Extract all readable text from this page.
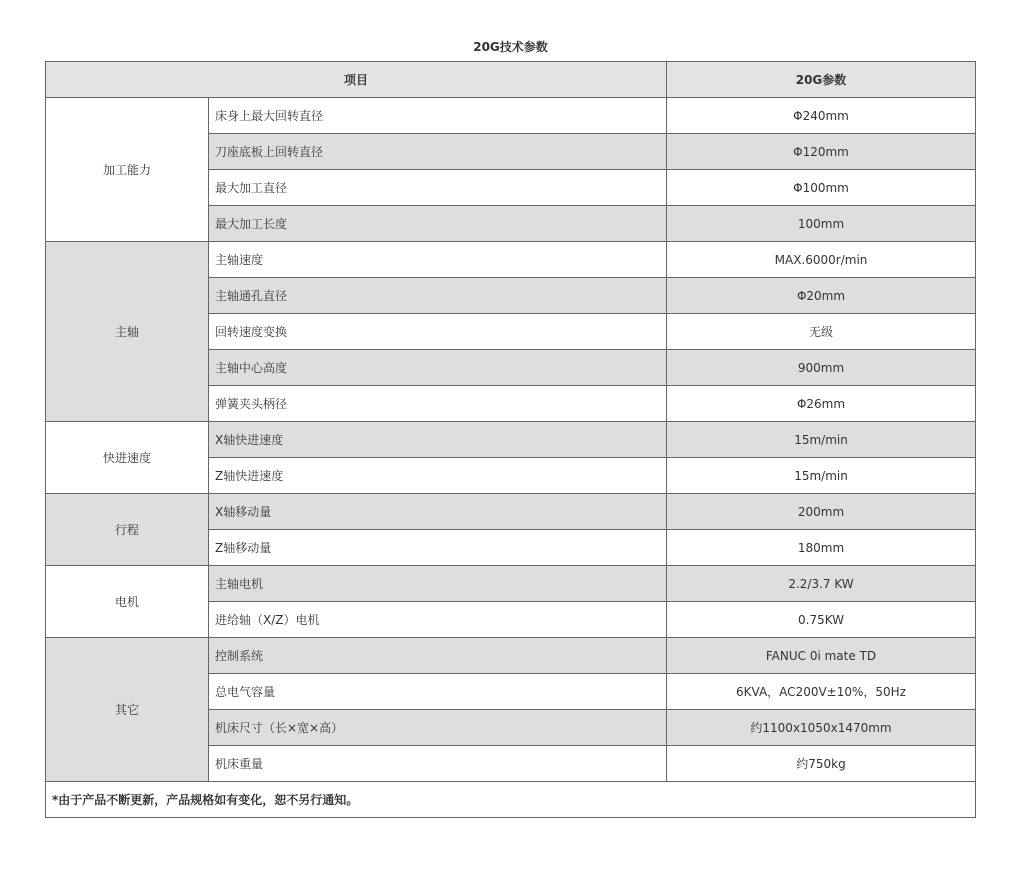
20G技术参数
项目		20G参数
加工能力	床身上最大回转直径	Φ240mm
	刀座底板上回转直径	Φ120mm
	最大加工直径	Φ100mm
	最大加工长度	100mm
主轴	主轴速度	MAX.6000r/min
	主轴通孔直径	Φ20mm
	回转速度变换	无级
	主轴中心高度	900mm
	弹簧夹头柄径	Φ26mm
快进速度	X轴快进速度	15m/min
	Z轴快进速度	15m/min
行程	X轴移动量	200mm
	Z轴移动量	180mm
电机	主轴电机	2.2/3.7 KW
	进给轴（X/Z）电机	0.75KW
其它	控制系统	FANUC 0i mate TD
	总电气容量	6KVA，AC200V±10%，50Hz
	机床尺寸（长×宽×高）	约1100x1050x1470mm
	机床重量	约750kg
*由于产品不断更新，产品规格如有变化，恕不另行通知。		
